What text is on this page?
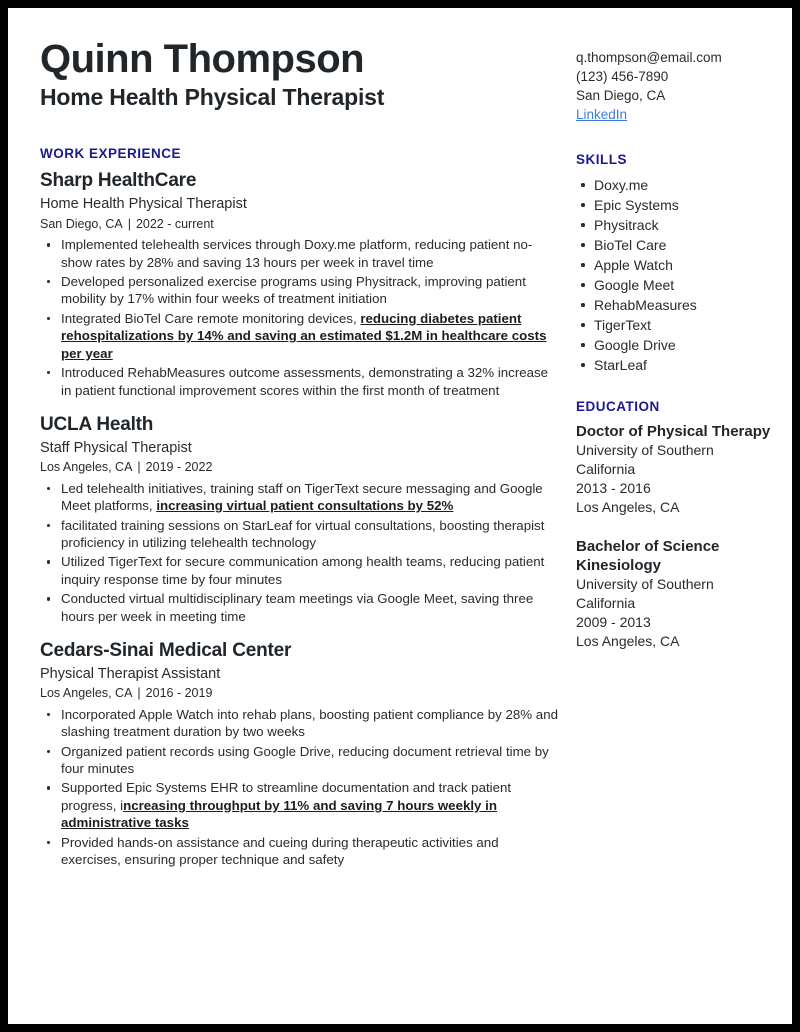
Quinn Thompson
Home Health Physical Therapist
WORK EXPERIENCE
Sharp HealthCare
Home Health Physical Therapist
San Diego, CA | 2022 - current
Implemented telehealth services through Doxy.me platform, reducing patient no-show rates by 28% and saving 13 hours per week in travel time
Developed personalized exercise programs using Physitrack, improving patient mobility by 17% within four weeks of treatment initiation
Integrated BioTel Care remote monitoring devices, reducing diabetes patient rehospitalizations by 14% and saving an estimated $1.2M in healthcare costs per year
Introduced RehabMeasures outcome assessments, demonstrating a 32% increase in patient functional improvement scores within the first month of treatment
UCLA Health
Staff Physical Therapist
Los Angeles, CA | 2019 - 2022
Led telehealth initiatives, training staff on TigerText secure messaging and Google Meet platforms, increasing virtual patient consultations by 52%
facilitated training sessions on StarLeaf for virtual consultations, boosting therapist proficiency in utilizing telehealth technology
Utilized TigerText for secure communication among health teams, reducing patient inquiry response time by four minutes
Conducted virtual multidisciplinary team meetings via Google Meet, saving three hours per week in meeting time
Cedars-Sinai Medical Center
Physical Therapist Assistant
Los Angeles, CA | 2016 - 2019
Incorporated Apple Watch into rehab plans, boosting patient compliance by 28% and slashing treatment duration by two weeks
Organized patient records using Google Drive, reducing document retrieval time by four minutes
Supported Epic Systems EHR to streamline documentation and track patient progress, increasing throughput by 11% and saving 7 hours weekly in administrative tasks
Provided hands-on assistance and cueing during therapeutic activities and exercises, ensuring proper technique and safety
q.thompson@email.com
(123) 456-7890
San Diego, CA
LinkedIn
SKILLS
Doxy.me
Epic Systems
Physitrack
BioTel Care
Apple Watch
Google Meet
RehabMeasures
TigerText
Google Drive
StarLeaf
EDUCATION
Doctor of Physical Therapy
University of Southern
California
2013 - 2016
Los Angeles, CA
Bachelor of Science
Kinesiology
University of Southern
California
2009 - 2013
Los Angeles, CA
